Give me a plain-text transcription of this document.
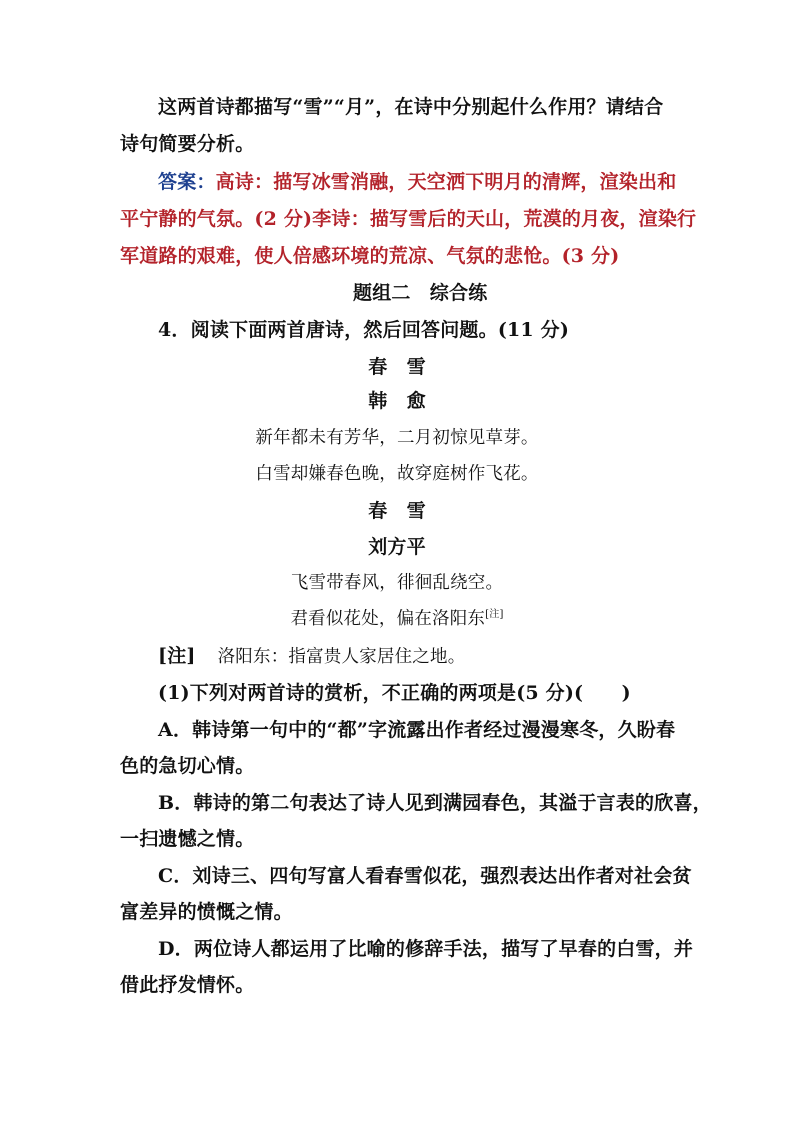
这两首诗都描写“雪”“月”，在诗中分别起什么作用？请结合
诗句简要分析。
答案：高诗：描写冰雪消融，天空洒下明月的清辉，渲染出和
平宁静的气氛。(2 分)李诗：描写雪后的天山，荒漠的月夜，渲染行
军道路的艰难，使人倍感环境的荒凉、气氛的悲怆。(3 分)
题组二　综合练
4．阅读下面两首唐诗，然后回答问题。(11 分)
春　雪
韩　愈
新年都未有芳华，二月初惊见草芽。
白雪却嫌春色晚，故穿庭树作飞花。
春　雪
刘方平
飞雪带春风，徘徊乱绕空。
君看似花处，偏在洛阳东[注]
[注] 洛阳东：指富贵人家居住之地。
(1)下列对两首诗的赏析，不正确的两项是(5 分)(　　)
A．韩诗第一句中的“都”字流露出作者经过漫漫寒冬，久盼春
色的急切心情。
B．韩诗的第二句表达了诗人见到满园春色，其溢于言表的欣喜，
一扫遗憾之情。
C．刘诗三、四句写富人看春雪似花，强烈表达出作者对社会贫
富差异的愤慨之情。
D．两位诗人都运用了比喻的修辞手法，描写了早春的白雪，并
借此抒发情怀。
